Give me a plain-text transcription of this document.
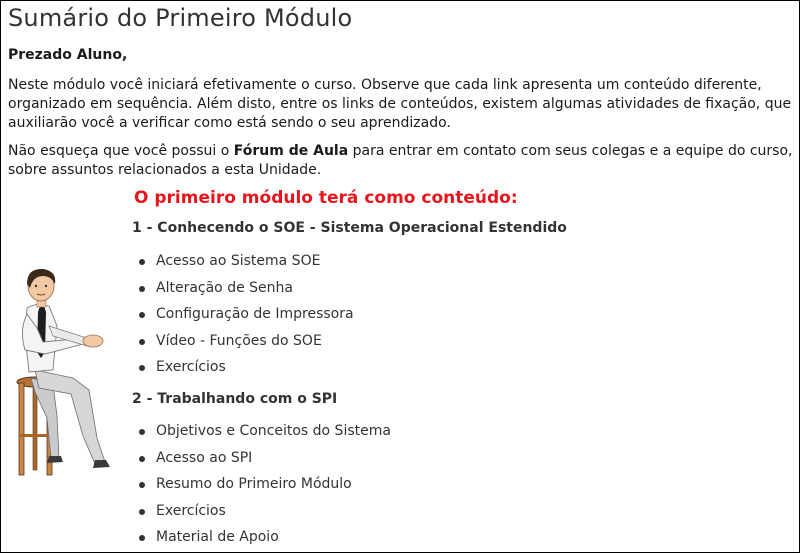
Sumário do Primeiro Módulo

Prezado Aluno,

Neste módulo você iniciará efetivamente o curso. Observe que cada link apresenta um conteúdo diferente, organizado em sequência. Além disto, entre os links de conteúdos, existem algumas atividades de fixação, que auxiliarão você a verificar como está sendo o seu aprendizado.

Não esqueça que você possui o Fórum de Aula para entrar em contato com seus colegas e a equipe do curso, sobre assuntos relacionados a esta Unidade.

O primeiro módulo terá como conteúdo:
1 - Conhecendo o SOE - Sistema Operacional Estendido
Acesso ao Sistema SOE
Alteração de Senha
Configuração de Impressora
Vídeo - Funções do SOE
Exercícios
2 - Trabalhando com o SPI
Objetivos e Conceitos do Sistema
Acesso ao SPI
Resumo do Primeiro Módulo
Exercícios
Material de Apoio
